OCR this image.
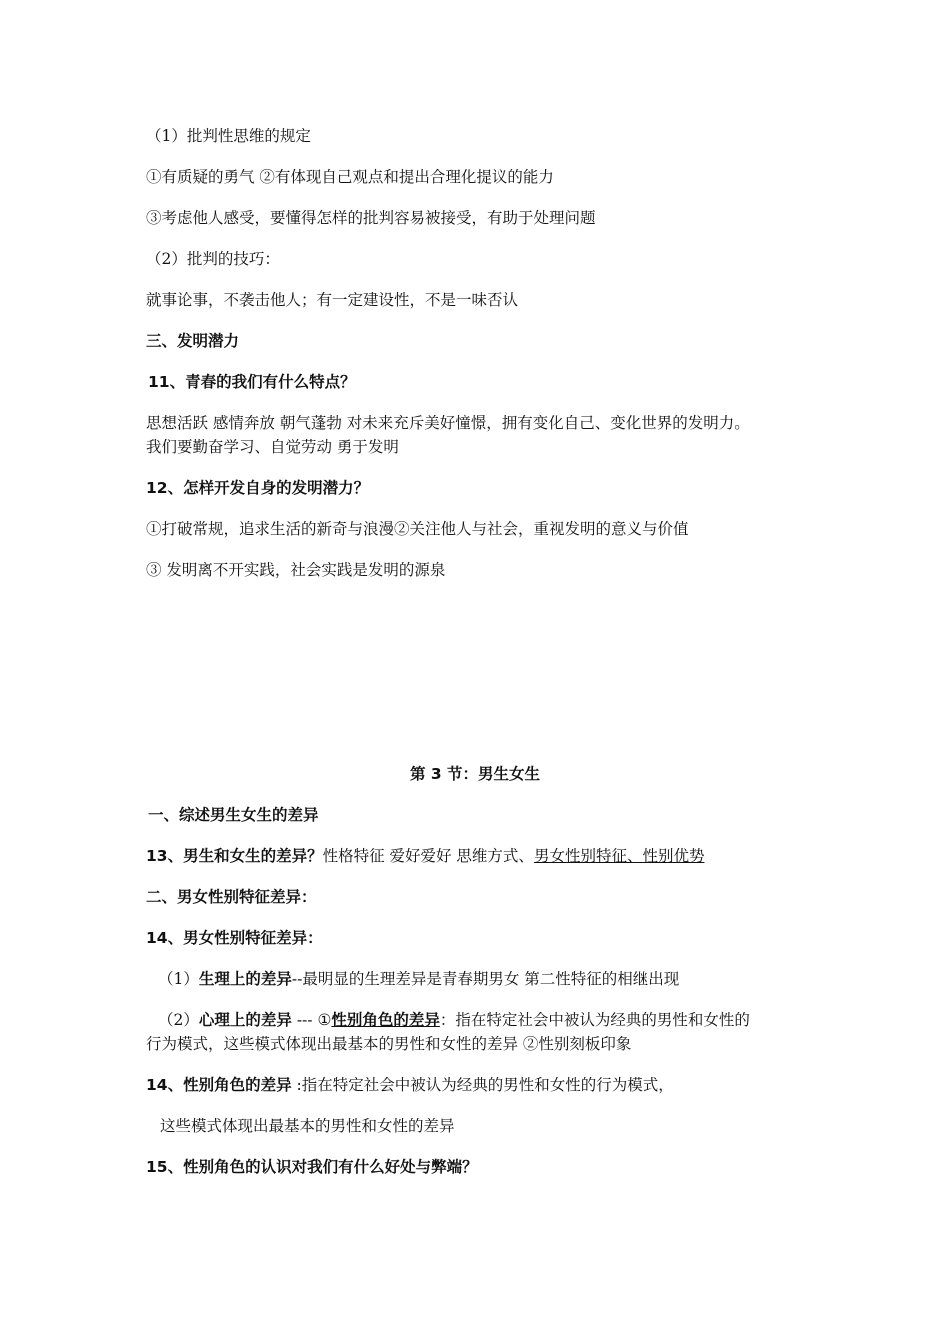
（1）批判性思维的规定
①有质疑的勇气 ②有体现自己观点和提出合理化提议的能力
③考虑他人感受，要懂得怎样的批判容易被接受，有助于处理问题
（2）批判的技巧：
就事论事，不袭击他人；有一定建设性，不是一味否认
三、发明潜力
11、青春的我们有什么特点？
思想活跃 感情奔放 朝气蓬勃 对未来充斥美好憧憬，拥有变化自己、变化世界的发明力。
我们要勤奋学习、自觉劳动 勇于发明
12、怎样开发自身的发明潜力？
①打破常规，追求生活的新奇与浪漫②关注他人与社会，重视发明的意义与价值
③ 发明离不开实践，社会实践是发明的源泉
第 3 节：男生女生
一、综述男生女生的差异
13、男生和女生的差异？性格特征 爱好爱好 思维方式、男女性别特征、性别优势
二、男女性别特征差异：
14、男女性别特征差异：
（1）生理上的差异--最明显的生理差异是青春期男女 第二性特征的相继出现
（2）心理上的差异 --- ①性别角色的差异：指在特定社会中被认为经典的男性和女性的
行为模式，这些模式体现出最基本的男性和女性的差异 ②性别刻板印象
14、性别角色的差异 :指在特定社会中被认为经典的男性和女性的行为模式，
这些模式体现出最基本的男性和女性的差异
15、性别角色的认识对我们有什么好处与弊端？
